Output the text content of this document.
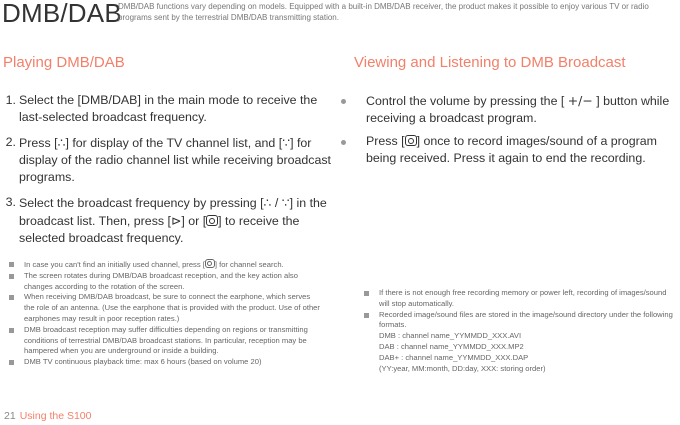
DMB/DAB
DMB/DAB functions vary depending on models. Equipped with a built-in DMB/DAB receiver, the product makes it possible to enjoy various TV or radio programs sent by the terrestrial DMB/DAB transmitting station.
Playing DMB/DAB	Viewing and Listening to DMB Broadcast
1. Select the [DMB/DAB] in the main mode to receive the last-selected broadcast frequency.
2. Press [∴] for display of the TV channel list, and [∵] for display of the radio channel list while receiving broadcast programs.
3. Select the broadcast frequency by pressing [∴ / ∵] in the broadcast list. Then, press [⊳] or [ ] to receive the selected broadcast frequency.
In case you can't find an initially used channel, press [ ] for channel search.
The screen rotates during DMB/DAB broadcast reception, and the key action also changes according to the rotation of the screen.
When receiving DMB/DAB broadcast, be sure to connect the earphone, which serves the role of an antenna. (Use the earphone that is provided with the product. Use of other earphones may result in poor reception rates.)
DMB broadcast reception may suffer difficulties depending on regions or transmitting conditions of terrestrial DMB/DAB broadcast stations. In particular, reception may be hampered when you are underground or inside a building.
DMB TV continuous playback time: max 6 hours (based on volume 20)
Control the volume by pressing the [ +/− ] button while receiving a broadcast program.
Press [ ] once to record images/sound of a program being received. Press it again to end the recording.
If there is not enough free recording memory or power left, recording of images/sound will stop automatically.
Recorded image/sound files are stored in the image/sound directory under the following formats.
DMB : channel name_YYMMDD_XXX.AVI
DAB : channel name_YYMMDD_XXX.MP2
DAB+ : channel name_YYMMDD_XXX.DAP
(YY:year, MM:month, DD:day, XXX: storing order)
21 Using the S100
